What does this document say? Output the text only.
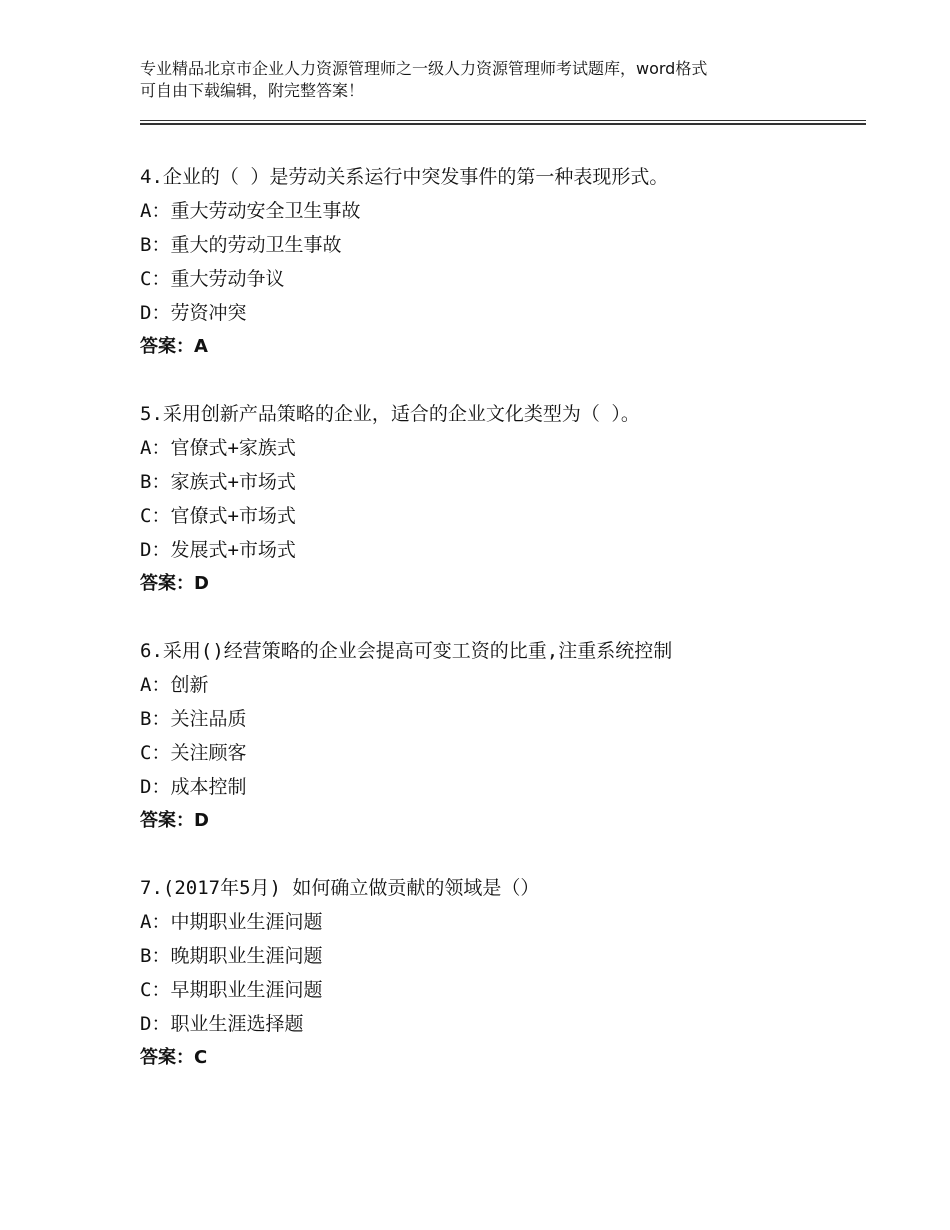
专业精品北京市企业人力资源管理师之一级人力资源管理师考试题库，word格式
可自由下载编辑，附完整答案！
4.企业的（ ）是劳动关系运行中突发事件的第一种表现形式。
A：重大劳动安全卫生事故
B：重大的劳动卫生事故
C：重大劳动争议
D：劳资冲突
答案：A
5.采用创新产品策略的企业，适合的企业文化类型为（ ）。
A：官僚式+家族式
B：家族式+市场式
C：官僚式+市场式
D：发展式+市场式
答案：D
6.采用()经营策略的企业会提高可变工资的比重,注重系统控制
A：创新
B：关注品质
C：关注顾客
D：成本控制
答案：D
7.(2017年5月) 如何确立做贡献的领域是（）
A：中期职业生涯问题
B：晚期职业生涯问题
C：早期职业生涯问题
D：职业生涯选择题
答案：C
